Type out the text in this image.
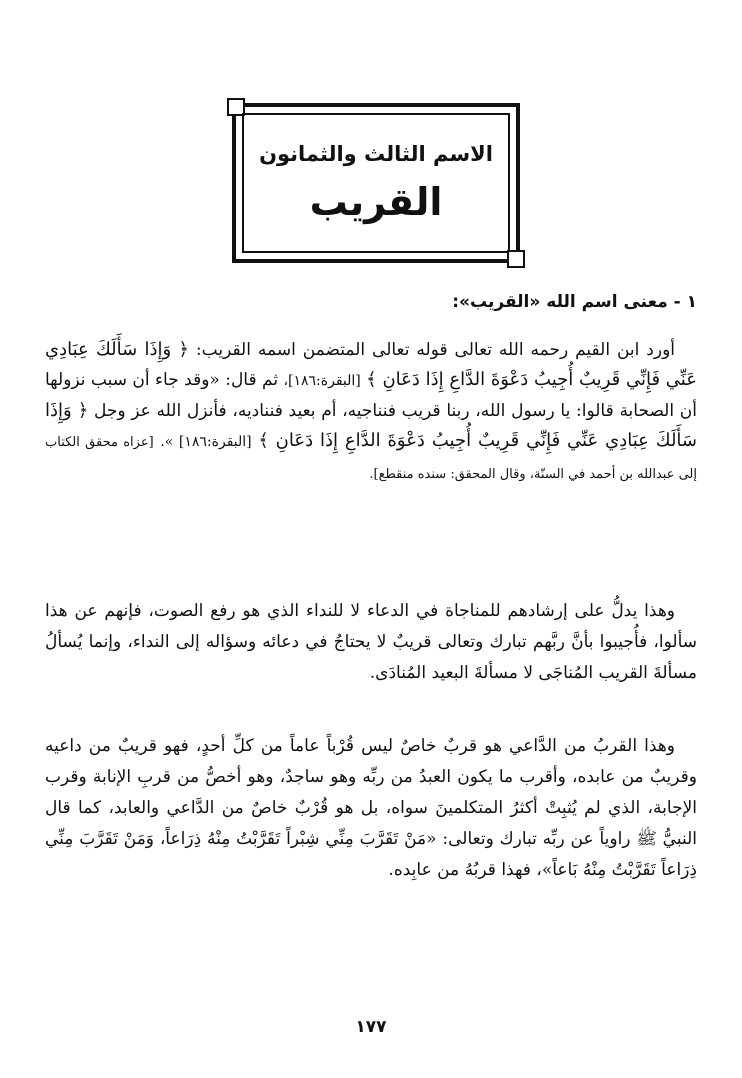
الاسم الثالث والثمانون
القريب
١ - معنى اسم الله «القريب»:
أورد ابن القيم رحمه الله تعالى قوله تعالى المتضمن اسمه القريب: ﴿ وَإِذَا سَأَلَكَ عِبَادِي عَنِّي فَإِنِّي قَرِيبٌ أُجِيبُ دَعْوَةَ الدَّاعِ إِذَا دَعَانِ ﴾ [البقرة:١٨٦]، ثم قال: «وقد جاء أن سبب نزولها أن الصحابة قالوا: يا رسول الله، ربنا قريب فنناجيه، أم بعيد فنناديه، فأنزل الله عز وجل ﴿ وَإِذَا سَأَلَكَ عِبَادِي عَنِّي فَإِنِّي قَرِيبٌ أُجِيبُ دَعْوَةَ الدَّاعِ إِذَا دَعَانِ ﴾ [البقرة:١٨٦] ». [عزاه محقق الكتاب إلى عبدالله بن أحمد في السنّة، وقال المحقق: سنده منقطع].
وهذا يدلُّ على إرشادهم للمناجاة في الدعاء لا للنداء الذي هو رفع الصوت، فإنهم عن هذا سألوا، فأُجيبوا بأنَّ ربَّهم تبارك وتعالى قريبٌ لا يحتاجُ في دعائه وسؤاله إلى النداء، وإنما يُسألُ مسألةَ القريب المُناجَى لا مسألةَ البعيد المُنادَى.
وهذا القربُ من الدَّاعي هو قربٌ خاصٌ ليس قُرْباً عاماً من كلِّ أحدٍ، فهو قريبٌ من داعيه وقريبٌ من عابده، وأقرب ما يكون العبدُ من ربِّه وهو ساجدٌ، وهو أخصُّ من قربِ الإنابة وقرب الإجابة، الذي لم يُثبِتْ أكثرُ المتكلمينَ سواه، بل هو قُرْبٌ خاصٌ من الدَّاعي والعابد، كما قال النبيُّ ﷺ راوياً عن ربِّه تبارك وتعالى: «مَنْ تَقَرَّبَ مِنِّي شِبْراً تَقَرَّبْتُ مِنْهُ ذِرَاعاً، وَمَنْ تَقَرَّبَ مِنِّي ذِرَاعاً تَقَرَّبْتُ مِنْهُ بَاعاً»، فهذا قربُهُ من عابِده.
١٧٧
